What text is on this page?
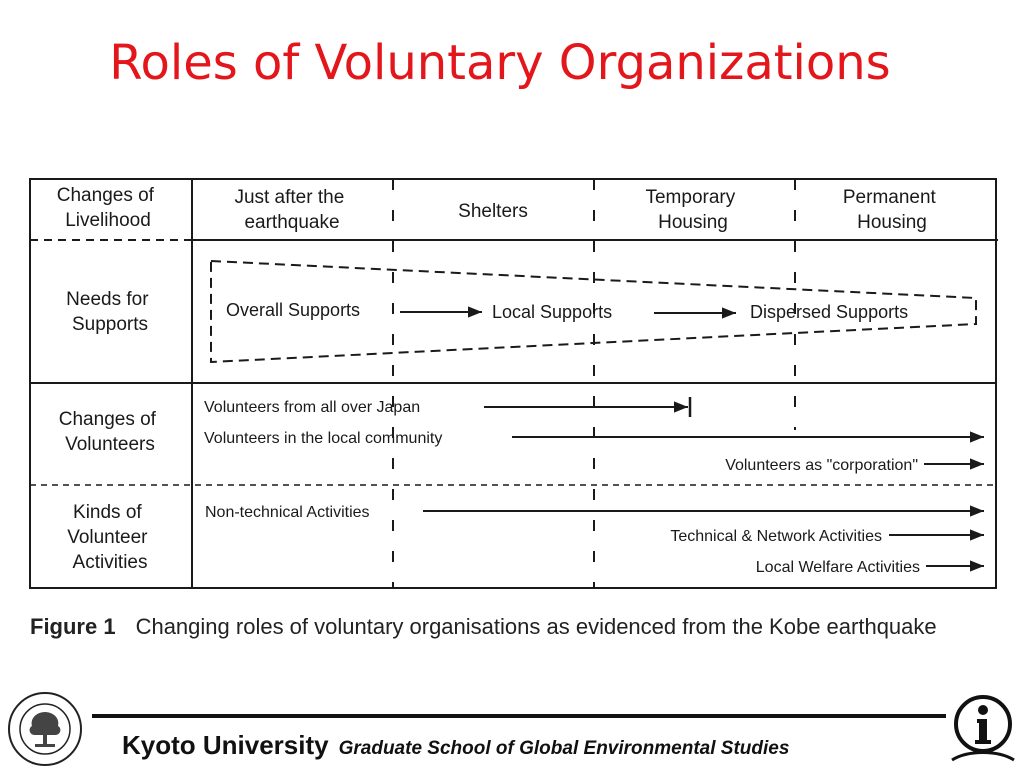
Roles of Voluntary Organizations
Changes of Livelihood
Just after the earthquake
Shelters
Temporary Housing
Permanent Housing
Needs for Supports
Changes of Volunteers
Kinds of Volunteer Activities
Overall Supports	Local Supports	Dispersed Supports
Volunteers from all over Japan
Volunteers in the local community
Volunteers as "corporation"
Non-technical Activities
Technical & Network Activities
Local Welfare Activities
Figure 1 Changing roles of voluntary organisations as evidenced from the Kobe earthquake
Kyoto University Graduate School of Global Environmental Studies
